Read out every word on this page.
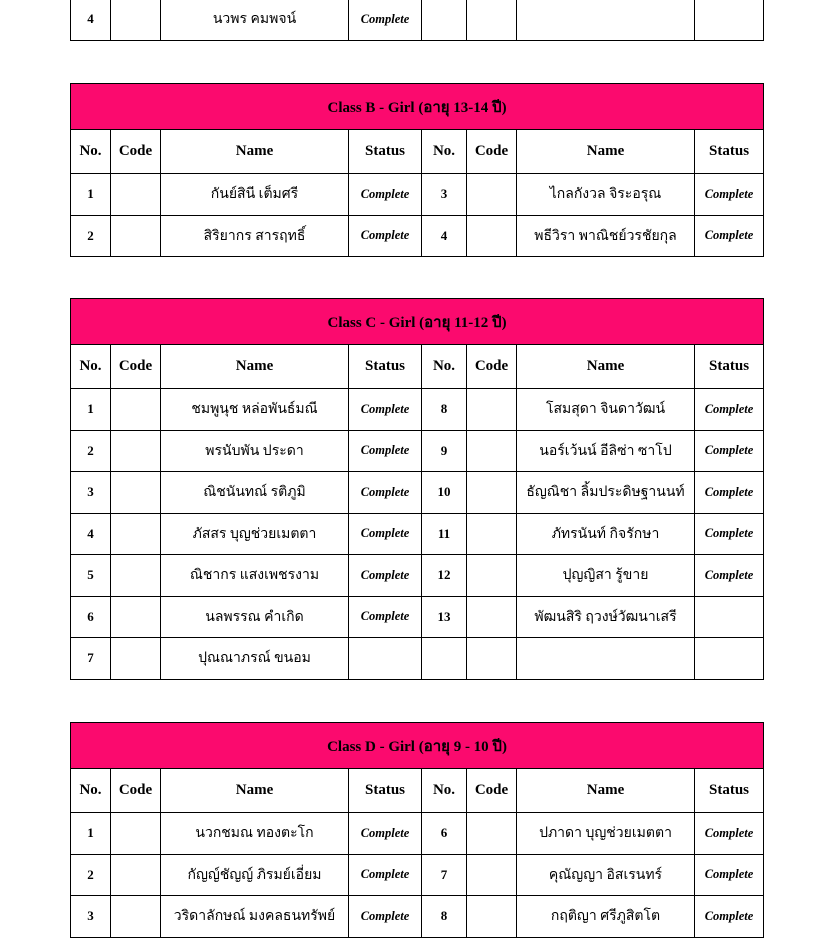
4		นวพร คมพจน์	Complete				
Class B - Girl (อายุ 13-14 ปี)							
No.	Code	Name	Status	No.	Code	Name	Status
1		กันย์สินี เต็มศรี	Complete	3		ไกลกังวล จิระอรุณ	Complete
2		สิริยากร สารฤทธิ์	Complete	4		พธีวิรา พาณิชย์วรชัยกุล	Complete
Class C - Girl (อายุ 11-12 ปี)							
No.	Code	Name	Status	No.	Code	Name	Status
1		ชมพูนุช หล่อพันธ์มณี	Complete	8		โสมสุดา จินดาวัฒน์	Complete
2		พรนับพัน ประดา	Complete	9		นอร์เว้นน์ อีลิซ่า ซาโป	Complete
3		ณิชนันทณ์ รติภูมิ	Complete	10		ธัญณิชา ลิ้มประดิษฐานนท์	Complete
4		ภัสสร บุญช่วยเมตตา	Complete	11		ภัทรนันท์ กิจรักษา	Complete
5		ณิชากร แสงเพชรงาม	Complete	12		ปุญญิสา รู้ขาย	Complete
6		นลพรรณ คำเกิด	Complete	13		พัฒนสิริ ฤวงษ์วัฒนาเสรี	
7		ปุณณาภรณ์ ขนอม					
Class D - Girl (อายุ 9 - 10 ปี)							
No.	Code	Name	Status	No.	Code	Name	Status
1		นวกชมณ ทองตะโก	Complete	6		ปภาดา บุญช่วยเมตตา	Complete
2		กัญญ์ชัญญ์ ภิรมย์เอี่ยม	Complete	7		คุณัญญา อิสเรนทร์	Complete
3		วริดาลักษณ์ มงคลธนทรัพย์	Complete	8		กฤติญา ศรีภูสิตโต	Complete
